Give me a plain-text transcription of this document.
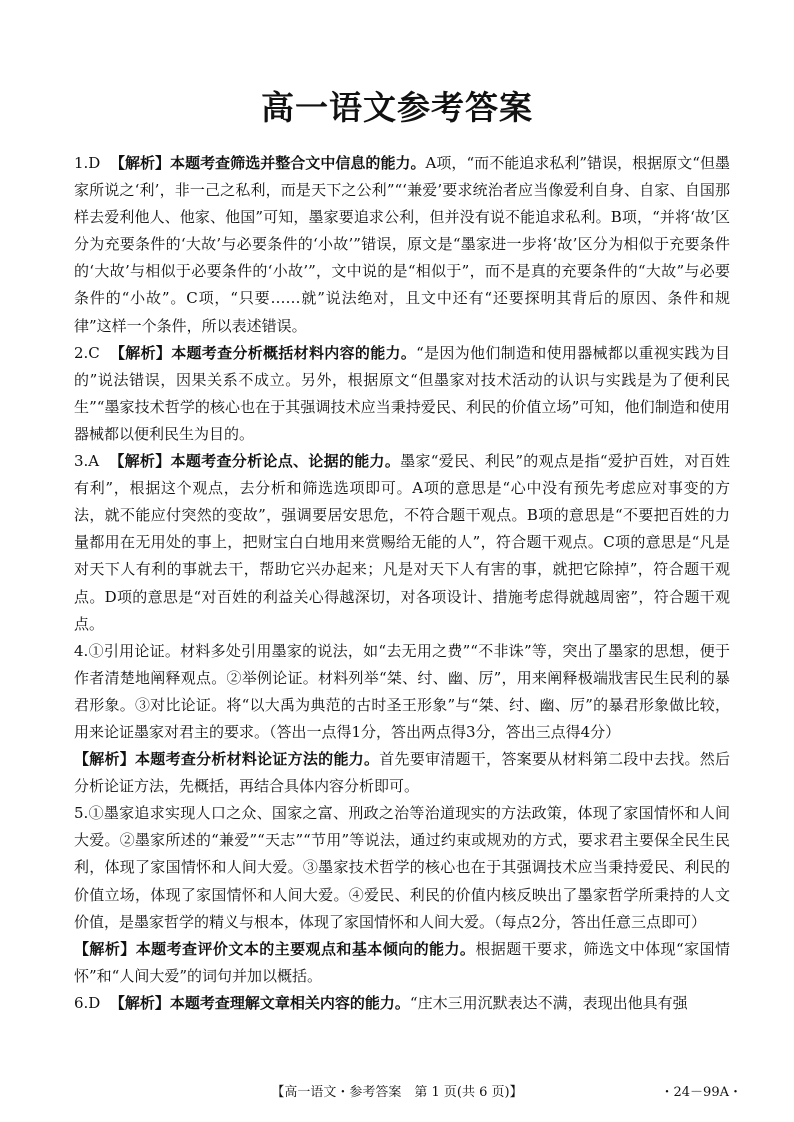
高一语文参考答案

1.D 【解析】本题考查筛选并整合文中信息的能力。A项，“而不能追求私利”错误，根据原文“但墨家所说之‘利’，非一己之私利，而是天下之公利”“‘兼爱’要求统治者应当像爱利自身、自家、自国那样去爱利他人、他家、他国”可知，墨家要追求公利，但并没有说不能追求私利。B项，“并将‘故’区分为充要条件的‘大故’与必要条件的‘小故’”错误，原文是“墨家进一步将‘故’区分为相似于充要条件的‘大故’与相似于必要条件的‘小故’”，文中说的是“相似于”，而不是真的充要条件的“大故”与必要条件的“小故”。C项，“只要……就”说法绝对，且文中还有“还要探明其背后的原因、条件和规律”这样一个条件，所以表述错误。

2.C 【解析】本题考查分析概括材料内容的能力。“是因为他们制造和使用器械都以重视实践为目的”说法错误，因果关系不成立。另外，根据原文“但墨家对技术活动的认识与实践是为了便利民生”“墨家技术哲学的核心也在于其强调技术应当秉持爱民、利民的价值立场”可知，他们制造和使用器械都以便利民生为目的。

3.A 【解析】本题考查分析论点、论据的能力。墨家“爱民、利民”的观点是指“爱护百姓，对百姓有利”，根据这个观点，去分析和筛选选项即可。A项的意思是“心中没有预先考虑应对事变的方法，就不能应付突然的变故”，强调要居安思危，不符合题干观点。B项的意思是“不要把百姓的力量都用在无用处的事上，把财宝白白地用来赏赐给无能的人”，符合题干观点。C项的意思是“凡是对天下人有利的事就去干，帮助它兴办起来；凡是对天下人有害的事，就把它除掉”，符合题干观点。D项的意思是“对百姓的利益关心得越深切，对各项设计、措施考虑得就越周密”，符合题干观点。

4.①引用论证。材料多处引用墨家的说法，如“去无用之费”“不非诛”等，突出了墨家的思想，便于作者清楚地阐释观点。②举例论证。材料列举“桀、纣、幽、厉”，用来阐释极端戕害民生民利的暴君形象。③对比论证。将“以大禹为典范的古时圣王形象”与“桀、纣、幽、厉”的暴君形象做比较，用来论证墨家对君主的要求。（答出一点得1分，答出两点得3分，答出三点得4分）

【解析】本题考查分析材料论证方法的能力。首先要审清题干，答案要从材料第二段中去找。然后分析论证方法，先概括，再结合具体内容分析即可。

5.①墨家追求实现人口之众、国家之富、刑政之治等治道现实的方法政策，体现了家国情怀和人间大爱。②墨家所述的“兼爱”“天志”“节用”等说法，通过约束或规劝的方式，要求君主要保全民生民利，体现了家国情怀和人间大爱。③墨家技术哲学的核心也在于其强调技术应当秉持爱民、利民的价值立场，体现了家国情怀和人间大爱。④爱民、利民的价值内核反映出了墨家哲学所秉持的人文价值，是墨家哲学的精义与根本，体现了家国情怀和人间大爱。（每点2分，答出任意三点即可）

【解析】本题考查评价文本的主要观点和基本倾向的能力。根据题干要求，筛选文中体现“家国情怀”和“人间大爱”的词句并加以概括。

6.D 【解析】本题考查理解文章相关内容的能力。“庄木三用沉默表达不满，表现出他具有强

【高一语文・参考答案　第 1 页(共 6 页)】	・24－99A・
